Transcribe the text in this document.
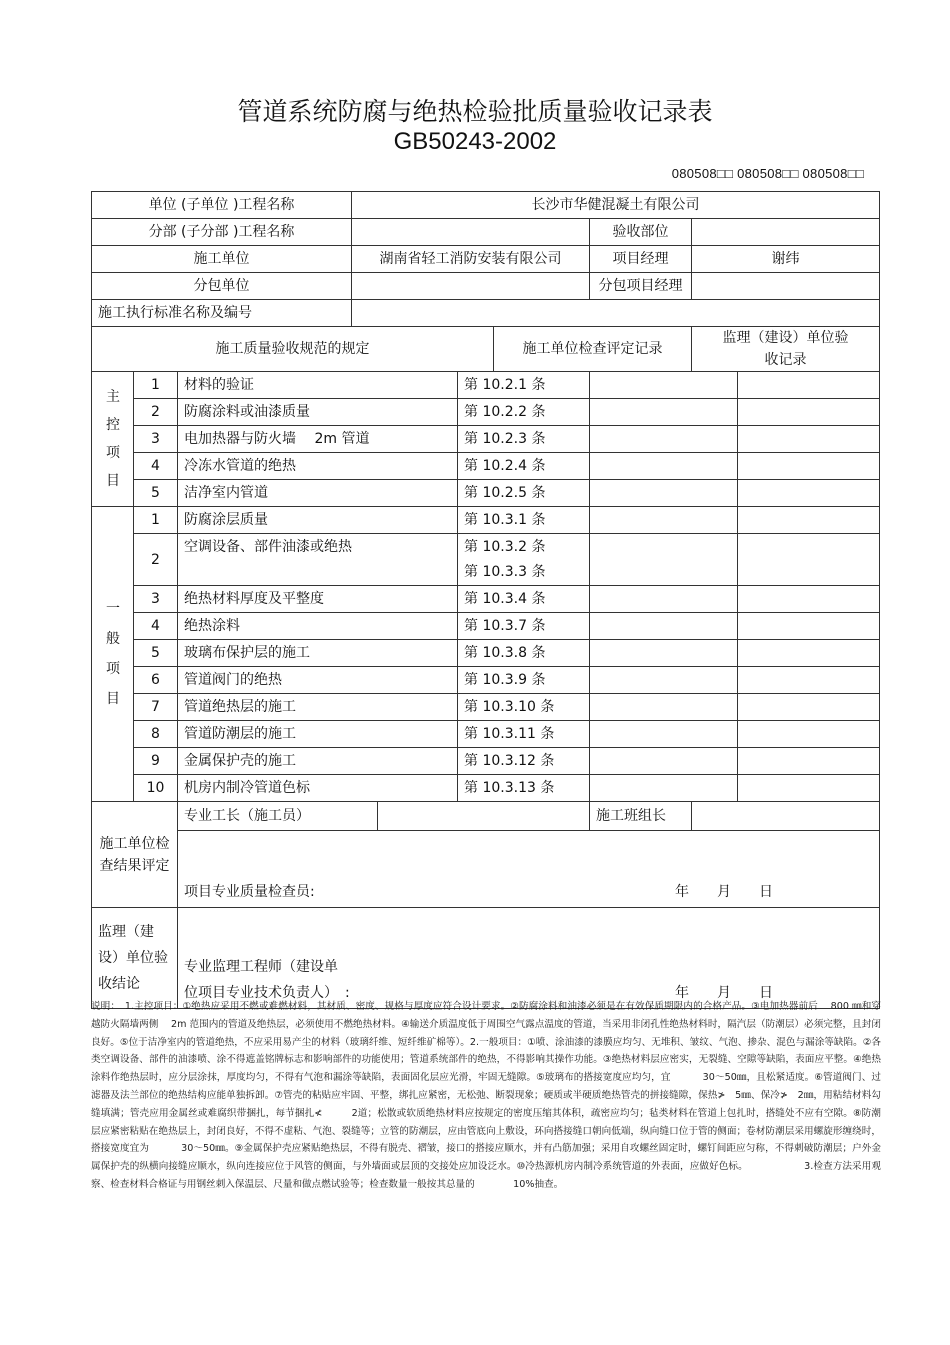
管道系统防腐与绝热检验批质量验收记录表
GB50243-2002
080508□□ 080508□□ 080508□□
单位 (子单位 )工程名称			长沙市华健混凝土有限公司						
分部 (子分部 )工程名称							验收部位		
施工单位			湖南省轻工消防安装有限公司				项目经理	谢纬	
分包单位							分包项目经理		
施工执行标准名称及编号									
施工质量验收规范的规定						施工单位检查评定记录		监理（建设）单位验收记录	
主控项目	1	材料的验证			第 10.2.1 条				
	2	防腐涂料或油漆质量			第 10.2.2 条				
	3	电加热器与防火墙　 2m 管道			第 10.2.3 条				
	4	冷冻水管道的绝热			第 10.2.4 条				
	5	洁净室内管道			第 10.2.5 条				
一般项目	1	防腐涂层质量			第 10.3.1 条				
	2	空调设备、部件油漆或绝热			第 10.3.2 条
第 10.3.3 条				

	3	绝热材料厚度及平整度			第 10.3.4 条				
	4	绝热涂料			第 10.3.7 条				
	5	玻璃布保护层的施工			第 10.3.8 条				
	6	管道阀门的绝热			第 10.3.9 条				
	7	管道绝热层的施工			第 10.3.10 条				
	8	管道防潮层的施工			第 10.3.11 条				
	9	金属保护壳的施工			第 10.3.12 条				
	10	机房内制冷管道色标			第 10.3.13 条				
施工单位检查结果评定		专业工长（施工员）					施工班组长		
		项目专业质量检查员: 年　　月　　日							

监理（建设）单位验收结论		专业监理工程师（建设单
位项目专业技术负责人）　: 年　　月　　日							

说明：　1.主控项目：①绝热应采用不燃或难燃材料，其材质、密度、规格与厚度应符合设计要求。②防腐涂料和油漆必须是在有效保质期限内的合格产品。③电加热器前后　 800 ㎜和穿越防火隔墙两侧　 2m 范围内的管道及绝热层，必须使用不燃绝热材料。④输送介质温度低于周围空气露点温度的管道，当采用非闭孔性绝热材料时，隔汽层（防潮层）必须完整，且封闭良好。⑤位于洁净室内的管道绝热，不应采用易产尘的材料（玻璃纤维、短纤维矿棉等）。2.一般项目：①喷、涂油漆的漆膜应均匀、无堆积、皱纹、气泡、掺杂、混色与漏涂等缺陷。②各类空调设备、部件的油漆喷、涂不得遮盖铭牌标志和影响部件的功能使用；管道系统部件的绝热，不得影响其操作功能。③绝热材料层应密实，无裂缝、空隙等缺陷，表面应平整。④绝热涂料作绝热层时，应分层涂抹，厚度均匀，不得有气泡和漏涂等缺陷，表面固化层应光滑，牢固无缝隙。⑤玻璃布的搭接宽度应均匀，宜　　　 30～50㎜，且松紧适度。⑥管道阀门、过滤器及法兰部位的绝热结构应能单独拆卸。⑦管壳的粘贴应牢固、平整，绑扎应紧密，无松弛、断裂现象；硬质或半硬质绝热管壳的拼接缝隙，保热≯　5㎜、保冷≯　2㎜，用粘结材料勾缝填满；管壳应用金属丝或难腐织带捆扎，每节捆扎≮　　　2道；松散或软质绝热材料应按规定的密度压缩其体积，疏密应均匀；毡类材料在管道上包扎时，搭缝处不应有空隙。⑧防潮层应紧密粘贴在绝热层上，封闭良好，不得不虚粘、气泡、裂缝等；立管的防潮层，应由管底向上敷设，环向搭接缝口朝向低端，纵向缝口位于管的侧面；卷材防潮层采用螺旋形缠绕时，搭接宽度宜为　　　 30～50㎜。⑨金属保护壳应紧贴绝热层，不得有脱壳、褶皱，接口的搭接应顺水，并有凸筋加强；采用自攻螺丝固定时，螺钉间距应匀称，不得刺破防潮层；户外金属保护壳的纵横向接缝应顺水，纵向连接应位于风管的侧面，与外墙面或层顶的交接处应加设泛水。⑩冷热源机房内制冷系统管道的外表面，应做好色标。　　　　　　 3.检查方法采用观察、检查材料合格证与用钢丝刺入保温层、尺量和做点燃试验等；检查数量一般按其总量的　　　　10%抽查。
